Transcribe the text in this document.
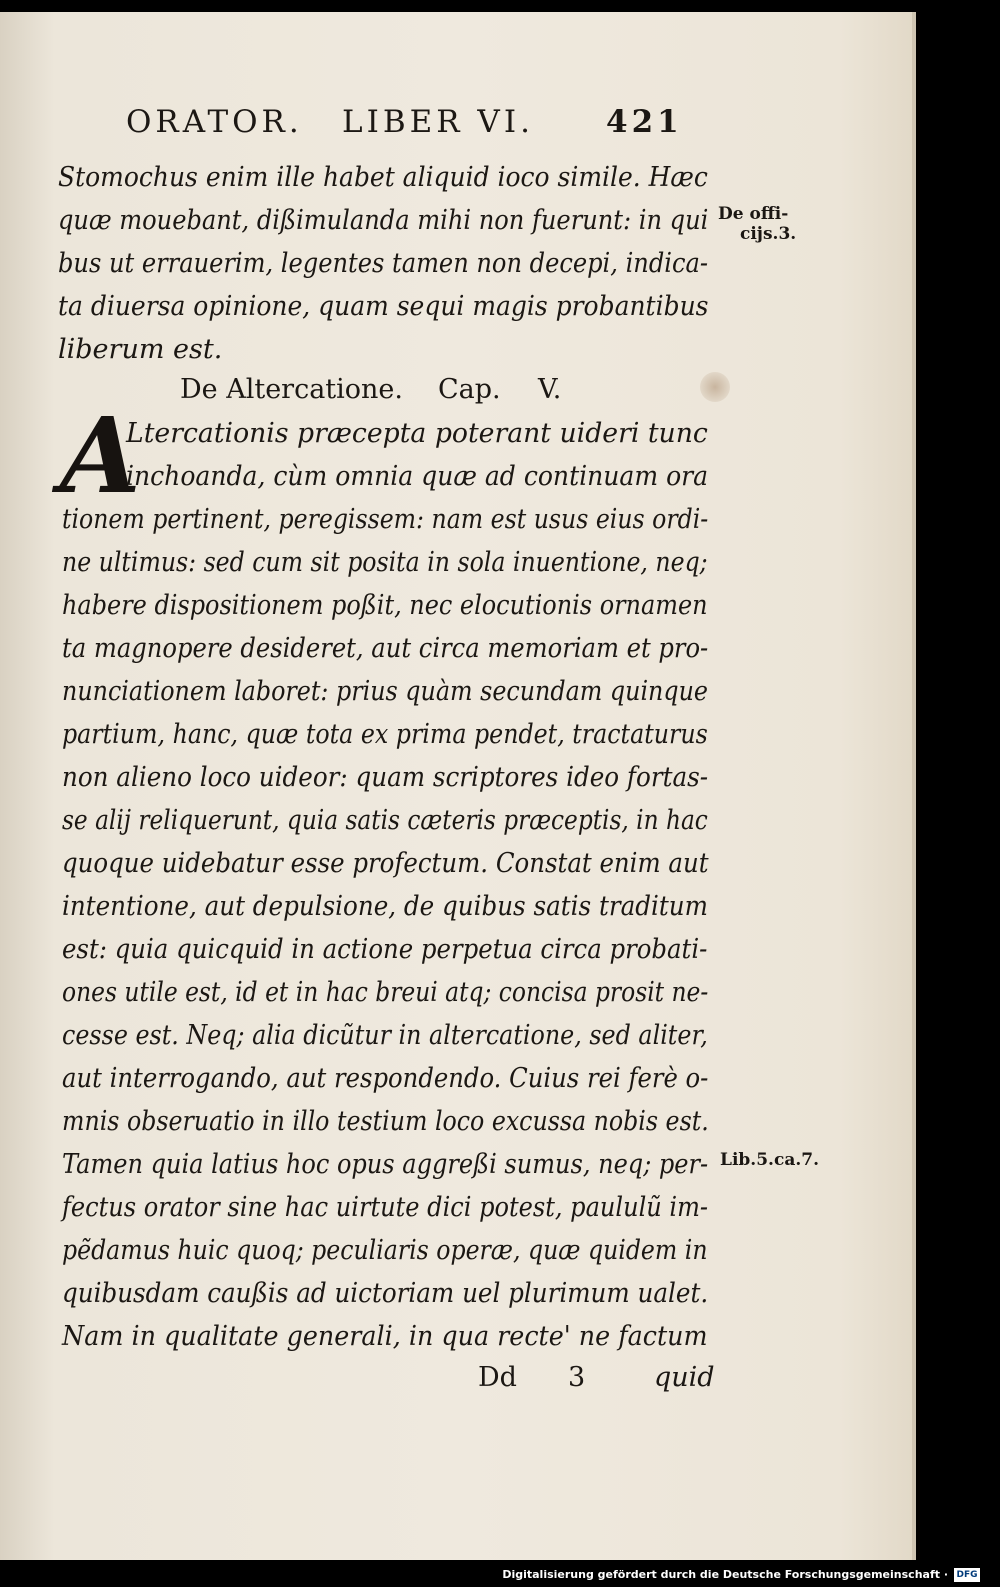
ORATOR. LIBER VI. 421
Stomochus enim ille habet aliquid ioco simile. Hæc
quæ mouebant, dißimulanda mihi non fuerunt: in qui
bus ut errauerim, legentes tamen non decepi, indica-
ta diuersa opinione, quam sequi magis probantibus
liberum est.
De Altercatione. Cap. V.
A
Ltercationis præcepta poterant uideri tunc
inchoanda, cùm omnia quæ ad continuam ora
tionem pertinent, peregissem: nam est usus eius ordi-
ne ultimus: sed cum sit posita in sola inuentione, neq;
habere dispositionem poßit, nec elocutionis ornamen
ta magnopere desideret, aut circa memoriam et pro-
nunciationem laboret: prius quàm secundam quinque
partium, hanc, quæ tota ex prima pendet, tractaturus
non alieno loco uideor: quam scriptores ideo fortas-
se alij reliquerunt, quia satis cæteris præceptis, in hac
quoque uidebatur esse profectum. Constat enim aut
intentione, aut depulsione, de quibus satis traditum
est: quia quicquid in actione perpetua circa probati-
ones utile est, id et in hac breui atq; concisa prosit ne-
cesse est. Neq; alia dicũtur in altercatione, sed aliter,
aut interrogando, aut respondendo. Cuius rei ferè o-
mnis obseruatio in illo testium loco excussa nobis est.
Tamen quia latius hoc opus aggreßi sumus, neq; per-
fectus orator sine hac uirtute dici potest, paululũ im-
pẽdamus huic quoq; peculiaris operæ, quæ quidem in
quibusdam caußis ad uictoriam uel plurimum ualet.
Nam in qualitate generali, in qua recte' ne factum
De offi-
cijs.3.
Lib.5.ca.7.
Dd 3	quid
Digitalisierung gefördert durch die Deutsche Forschungsgemeinschaft · DFG
